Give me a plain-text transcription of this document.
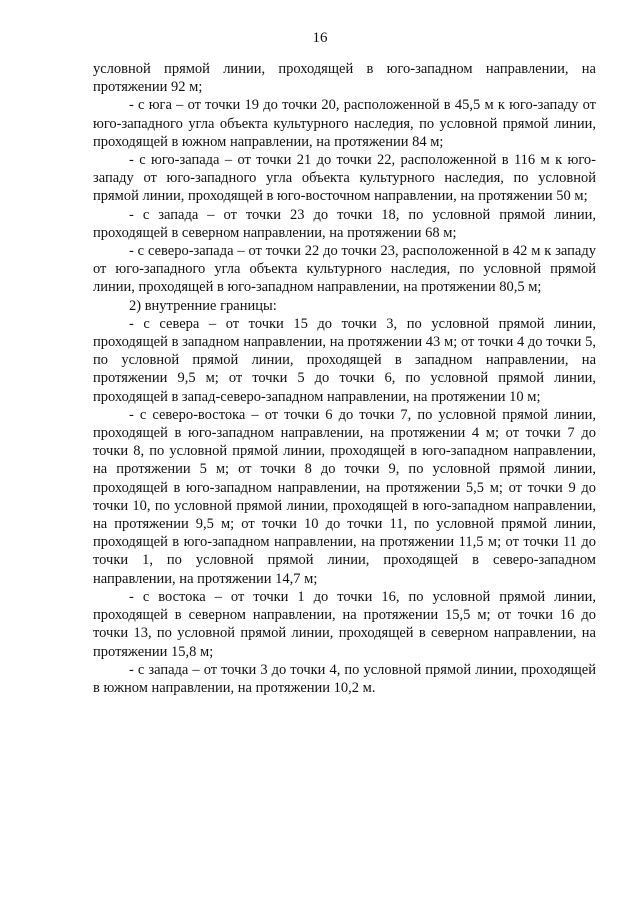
16

условной прямой линии, проходящей в юго-западном направлении, на протяжении 92 м;

- с юга – от точки 19 до точки 20, расположенной в 45,5 м к юго-западу от юго-западного угла объекта культурного наследия, по условной прямой линии, проходящей в южном направлении, на протяжении 84 м;

- с юго-запада – от точки 21 до точки 22, расположенной в 116 м к юго-западу от юго-западного угла объекта культурного наследия, по условной прямой линии, проходящей в юго-восточном направлении, на протяжении 50 м;

- с запада – от точки 23 до точки 18, по условной прямой линии, проходящей в северном направлении, на протяжении 68 м;

- с северо-запада – от точки 22 до точки 23, расположенной в 42 м к западу от юго-западного угла объекта культурного наследия, по условной прямой линии, проходящей в юго-западном направлении, на протяжении 80,5 м;

2) внутренние границы:

- с севера – от точки 15 до точки 3, по условной прямой линии, проходящей в западном направлении, на протяжении 43 м; от точки 4 до точки 5, по условной прямой линии, проходящей в западном направлении, на протяжении 9,5 м; от точки 5 до точки 6, по условной прямой линии, проходящей в запад-северо-западном направлении, на протяжении 10 м;

- с северо-востока – от точки 6 до точки 7, по условной прямой линии, проходящей в юго-западном направлении, на протяжении 4 м; от точки 7 до точки 8, по условной прямой линии, проходящей в юго-западном направлении, на протяжении 5 м; от точки 8 до точки 9, по условной прямой линии, проходящей в юго-западном направлении, на протяжении 5,5 м; от точки 9 до точки 10, по условной прямой линии, проходящей в юго-западном направлении, на протяжении 9,5 м; от точки 10 до точки 11, по условной прямой линии, проходящей в юго-западном направлении, на протяжении 11,5 м; от точки 11 до точки 1, по условной прямой линии, проходящей в северо-западном направлении, на протяжении 14,7 м;

- с востока – от точки 1 до точки 16, по условной прямой линии, проходящей в северном направлении, на протяжении 15,5 м; от точки 16 до точки 13, по условной прямой линии, проходящей в северном направлении, на протяжении 15,8 м;

- с запада – от точки 3 до точки 4, по условной прямой линии, проходящей в южном направлении, на протяжении 10,2 м.
